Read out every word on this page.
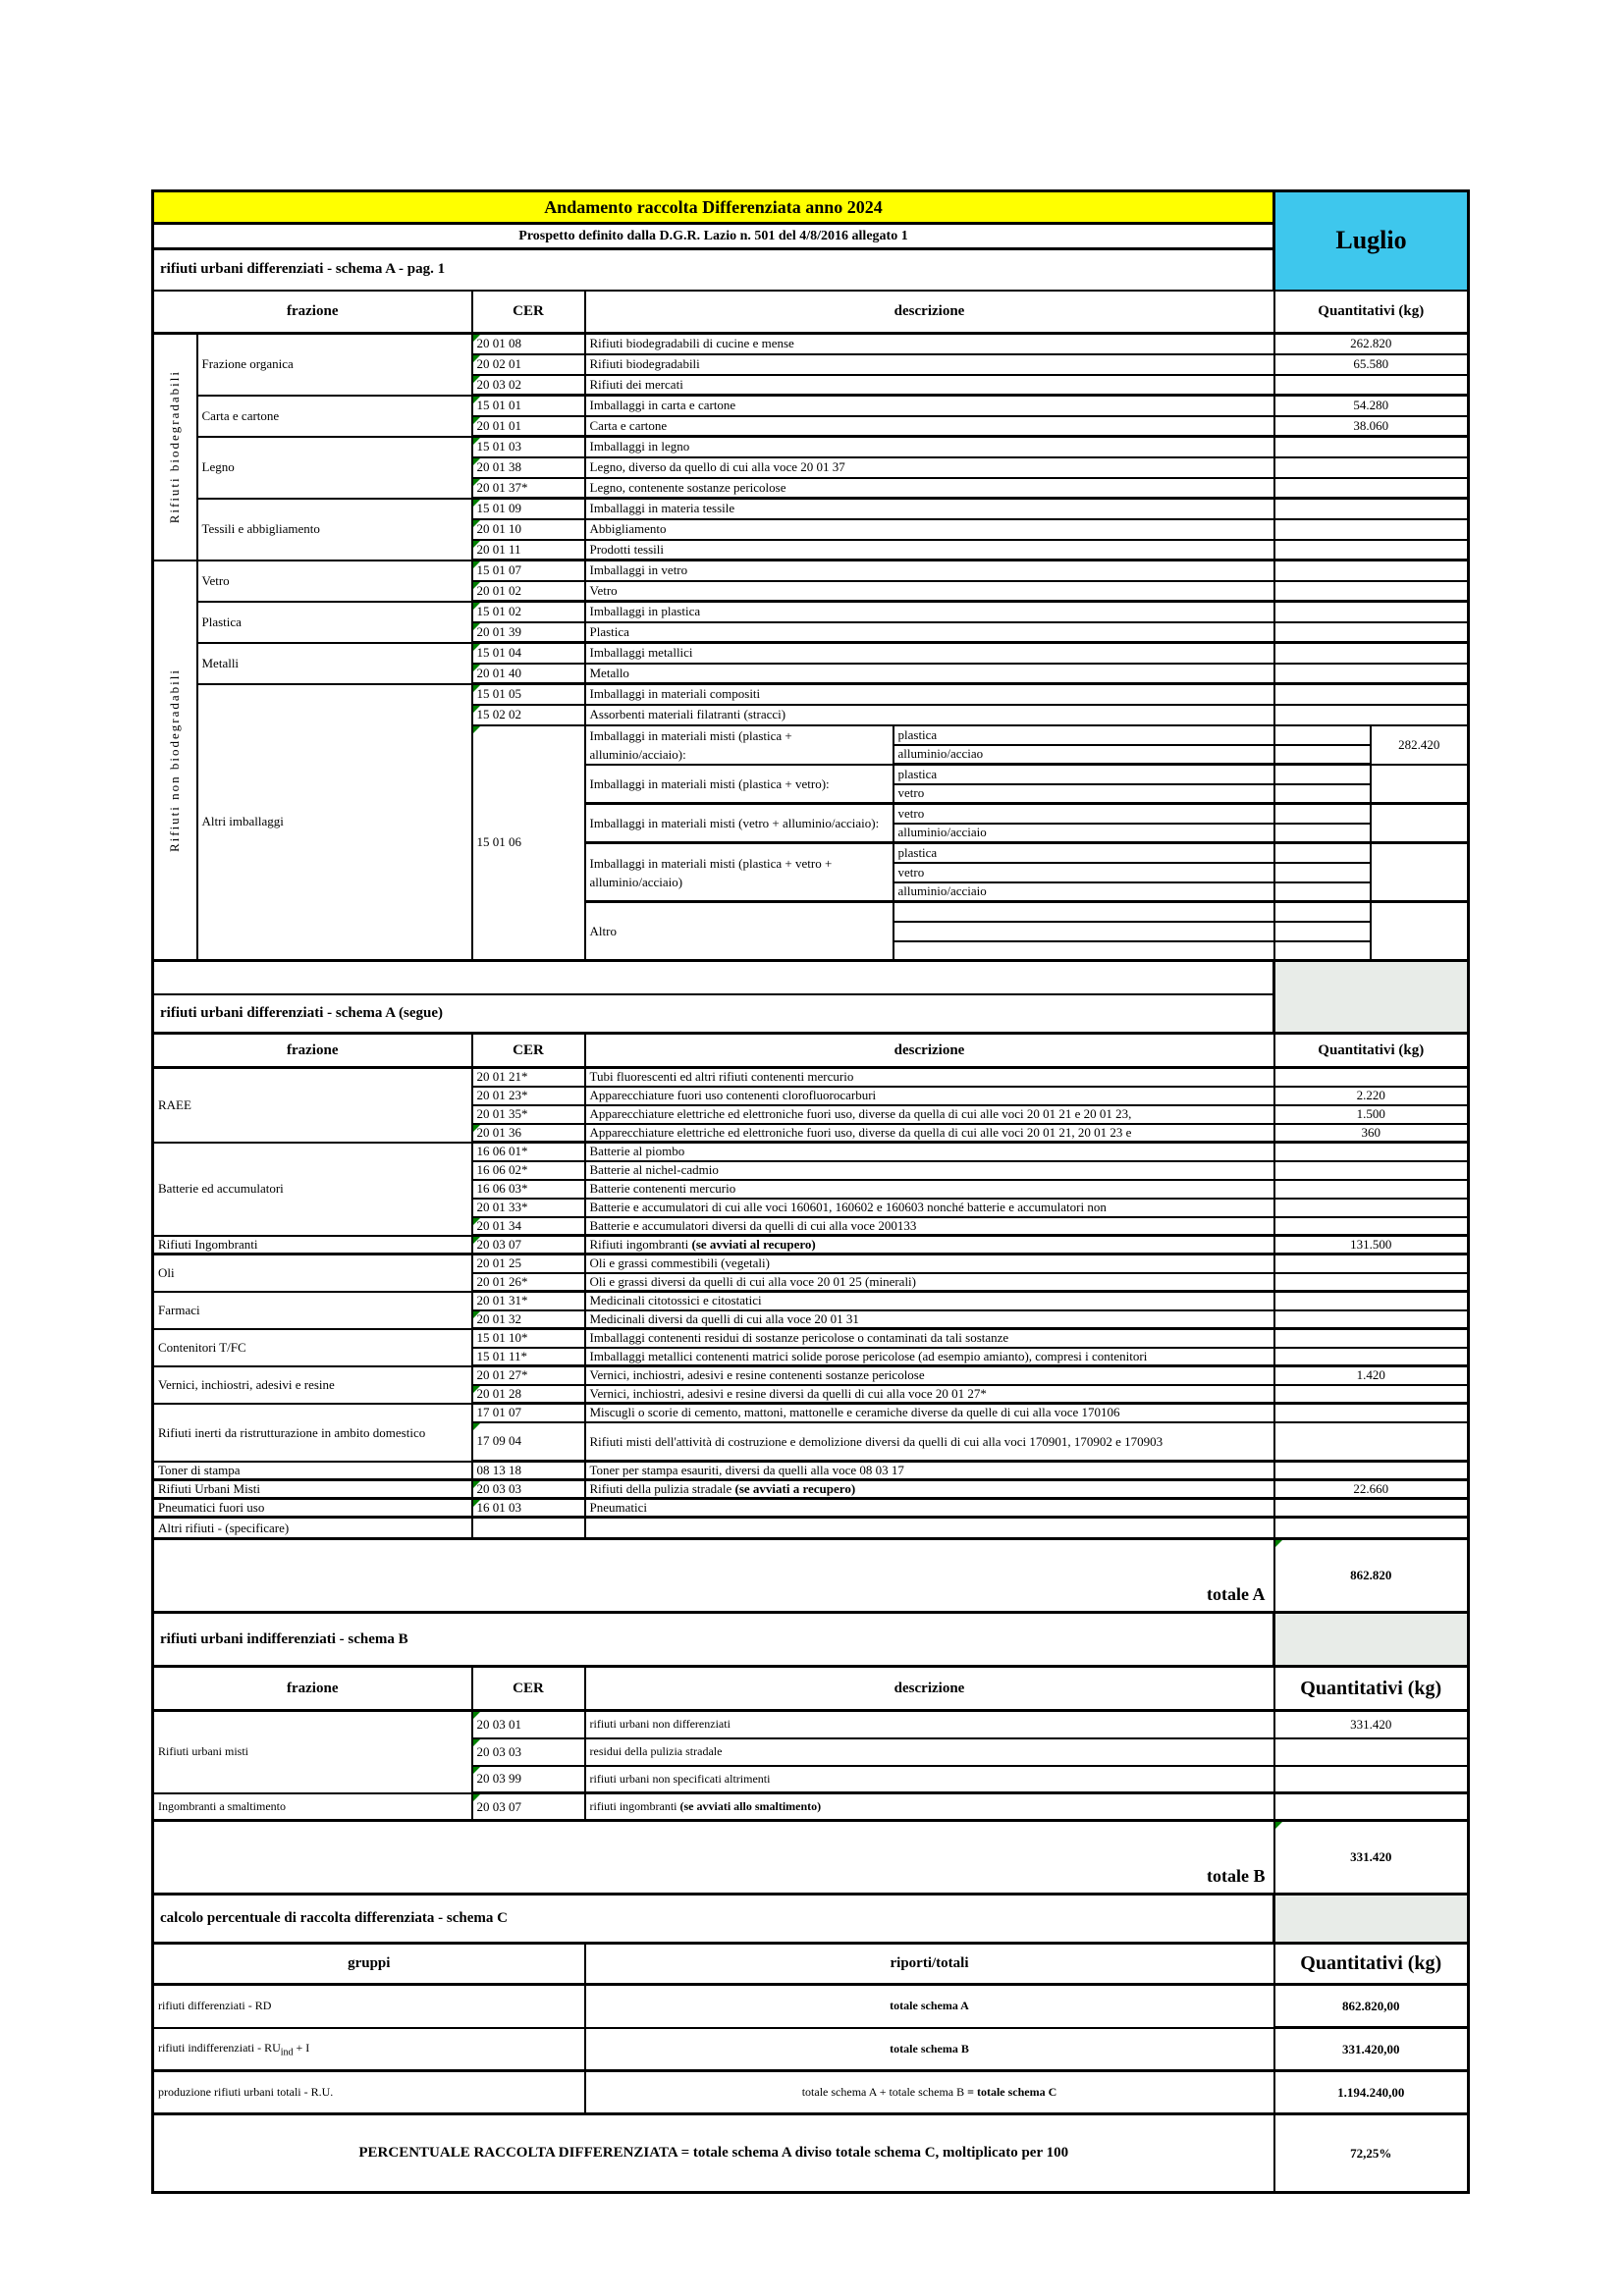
Andamento raccolta Differenziata anno 2024					Luglio	
Prospetto definito dalla D.G.R. Lazio n. 501 del 4/8/2016 allegato 1						
rifiuti urbani differenziati - schema A - pag. 1						
frazione		CER	descrizione		Quantitativi (kg)	

Rifiuti biodegradabili	Frazione organica	20 01 08	Rifiuti biodegradabili di cucine e mense		262.820	
		20 02 01	Rifiuti biodegradabili		65.580	
		20 03 02	Rifiuti dei mercati			
	Carta e cartone	15 01 01	Imballaggi in carta e cartone		54.280	
		20 01 01	Carta e cartone		38.060	
	Legno	15 01 03	Imballaggi in legno			
		20 01 38	Legno, diverso da quello di cui alla voce 20 01 37			
		20 01 37*	Legno, contenente sostanze pericolose			
	Tessili e abbigliamento	15 01 09	Imballaggi in materia tessile			
		20 01 10	Abbigliamento			
		20 01 11	Prodotti tessili			

Rifiuti non biodegradabili	Vetro	15 01 07	Imballaggi in vetro			
		20 01 02	Vetro			
	Plastica	15 01 02	Imballaggi in plastica			
		20 01 39	Plastica			
	Metalli	15 01 04	Imballaggi metallici			
		20 01 40	Metallo			
	Altri imballaggi	15 01 05	Imballaggi in materiali compositi			
		15 02 02	Assorbenti materiali filatranti (stracci)			
		15 01 06	Imballaggi in materiali misti (plastica + alluminio/acciaio):	plastica		282.420
				alluminio/acciao		
			Imballaggi in materiali misti (plastica + vetro):	plastica		
				vetro		
			Imballaggi in materiali misti (vetro + alluminio/acciaio):	vetro		
				alluminio/acciaio		
			Imballaggi in materiali misti (plastica + vetro + alluminio/acciaio)	plastica		
				vetro		
				alluminio/acciaio		
			Altro			

rifiuti urbani differenziati - schema A (segue)
frazione	CER	descrizione	Quantitativi (kg)
RAEE	20 01 21*	Tubi fluorescenti ed altri rifiuti contenenti mercurio	
	20 01 23*	Apparecchiature fuori uso contenenti clorofluorocarburi	2.220
	20 01 35*	Apparecchiature elettriche ed elettroniche fuori uso, diverse da quella di cui alle voci 20 01 21 e 20 01 23,	1.500
	20 01 36	Apparecchiature elettriche ed elettroniche fuori uso, diverse da quella di cui alle voci 20 01 21, 20 01 23 e	360
Batterie ed accumulatori	16 06 01*	Batterie al piombo	
	16 06 02*	Batterie al nichel-cadmio	
	16 06 03*	Batterie contenenti mercurio	
	20 01 33*	Batterie e accumulatori di cui alle voci 160601, 160602 e 160603 nonché batterie e accumulatori non	
	20 01 34	Batterie e accumulatori diversi da quelli di cui alla voce 200133	
Rifiuti Ingombranti	20 03 07	Rifiuti ingombranti (se avviati al recupero)	131.500
Oli	20 01 25	Oli e grassi commestibili (vegetali)	
	20 01 26*	Oli e grassi diversi da quelli di cui alla voce 20 01 25 (minerali)	
Farmaci	20 01 31*	Medicinali citotossici e citostatici	
	20 01 32	Medicinali diversi da quelli di cui alla voce 20 01 31	
Contenitori T/FC	15 01 10*	Imballaggi contenenti residui di sostanze pericolose o contaminati da tali sostanze	
	15 01 11*	Imballaggi metallici contenenti matrici solide porose pericolose (ad esempio amianto), compresi i contenitori	
Vernici, inchiostri, adesivi e resine	20 01 27*	Vernici, inchiostri, adesivi e resine contenenti sostanze pericolose	1.420
	20 01 28	Vernici, inchiostri, adesivi e resine diversi da quelli di cui alla voce 20 01 27*	
Rifiuti inerti da ristrutturazione in ambito domestico	17 01 07	Miscugli o scorie di cemento, mattoni, mattonelle e ceramiche diverse da quelle di cui alla voce 170106	
	17 09 04	Rifiuti misti dell'attività di costruzione e demolizione diversi da quelli di cui alla voci 170901, 170902 e 170903	
Toner di stampa	08 13 18	Toner per stampa esauriti, diversi da quelli alla voce 08 03 17	
Rifiuti Urbani Misti	20 03 03	Rifiuti della pulizia stradale (se avviati a recupero)	22.660
Pneumatici fuori uso	16 01 03	Pneumatici	
Altri rifiuti - (specificare)			
totale A			862.820
rifiuti urbani indifferenziati - schema B	
frazione	CER	descrizione	Quantitativi (kg)
Rifiuti urbani misti	20 03 01	rifiuti urbani non differenziati	331.420
	20 03 03	residui della pulizia stradale	
	20 03 99	rifiuti urbani non specificati altrimenti	
Ingombranti a smaltimento	20 03 07	rifiuti ingombranti (se avviati allo smaltimento)	
totale B			331.420
calcolo percentuale di raccolta differenziata - schema C	
gruppi	riporti/totali	Quantitativi (kg)
rifiuti differenziati - RD	totale schema A	862.820,00
rifiuti indifferenziati - $RU_{ind} + I$	totale schema B	331.420,00
produzione rifiuti urbani totali - R.U.	totale schema A + totale schema B = totale schema C	1.194.240,00
PERCENTUALE RACCOLTA DIFFERENZIATA = totale schema A diviso totale schema C, moltiplicato per 100		72,25%
